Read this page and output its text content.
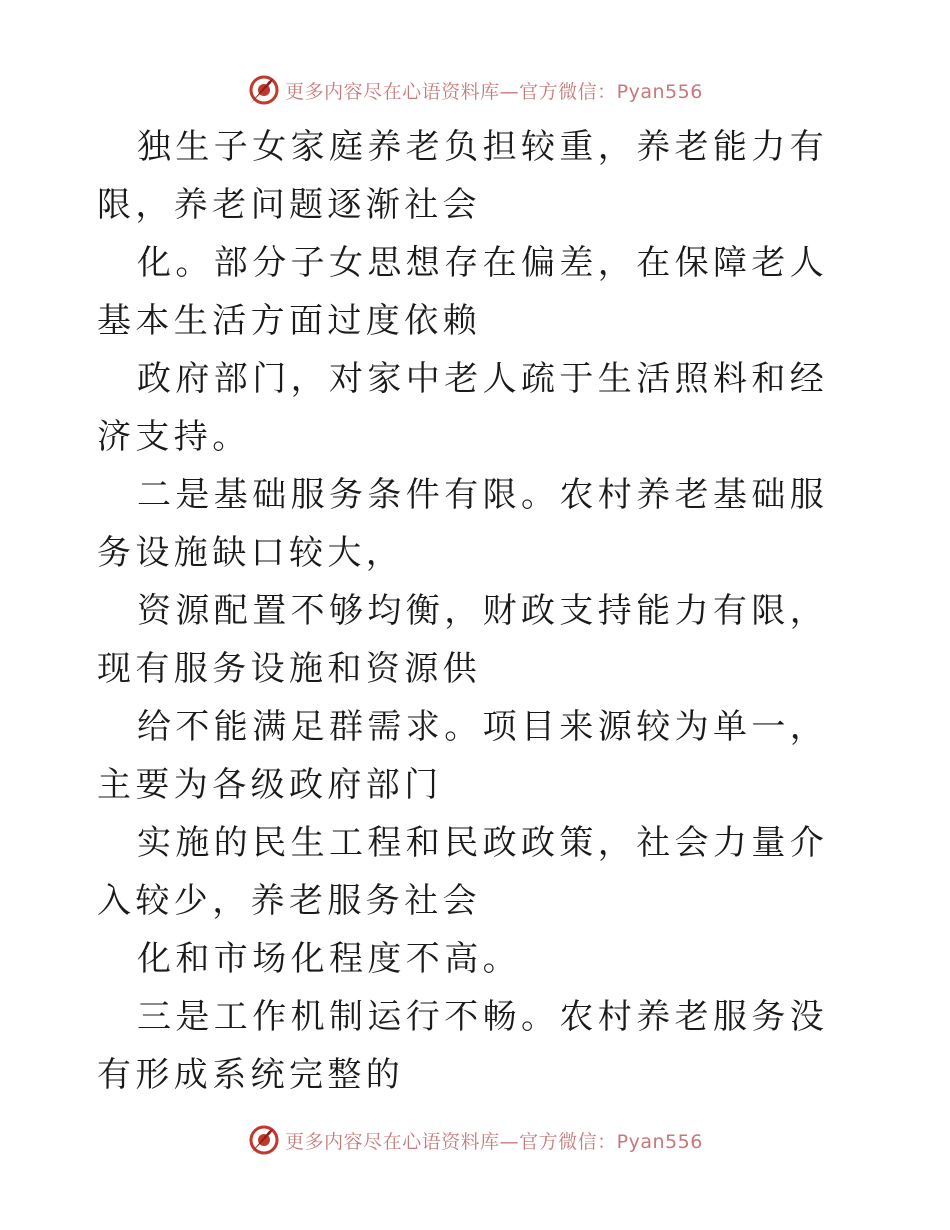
更多内容尽在心语资料库—官方微信：Pyan556

独生子女家庭养老负担较重，养老能力有限，养老问题逐渐社会

化。部分子女思想存在偏差，在保障老人基本生活方面过度依赖

政府部门，对家中老人疏于生活照料和经济支持。

二是基础服务条件有限。农村养老基础服务设施缺口较大，

资源配置不够均衡，财政支持能力有限，现有服务设施和资源供

给不能满足群需求。项目来源较为单一，主要为各级政府部门

实施的民生工程和民政政策，社会力量介入较少，养老服务社会

化和市场化程度不高。

三是工作机制运行不畅。农村养老服务没有形成系统完整的

更多内容尽在心语资料库—官方微信：Pyan556
